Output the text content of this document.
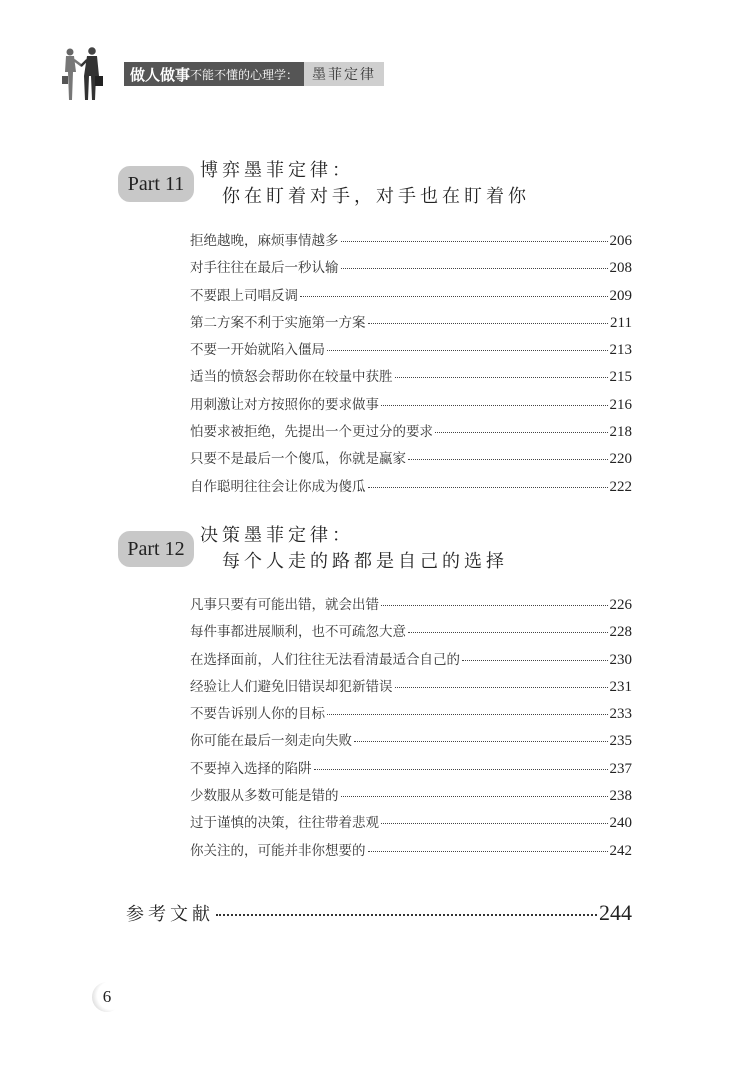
做人做事 不能不懂的心理学：	墨菲定律
Part 11
博弈墨菲定律：
你在盯着对手，对手也在盯着你
拒绝越晚，麻烦事情越多	206
对手往往在最后一秒认输	208
不要跟上司唱反调	209
第二方案不利于实施第一方案	211
不要一开始就陷入僵局	213
适当的愤怒会帮助你在较量中获胜	215
用刺激让对方按照你的要求做事	216
怕要求被拒绝，先提出一个更过分的要求	218
只要不是最后一个傻瓜，你就是赢家	220
自作聪明往往会让你成为傻瓜	222
Part 12
决策墨菲定律：
每个人走的路都是自己的选择
凡事只要有可能出错，就会出错	226
每件事都进展顺利，也不可疏忽大意	228
在选择面前，人们往往无法看清最适合自己的	230
经验让人们避免旧错误却犯新错误	231
不要告诉别人你的目标	233
你可能在最后一刻走向失败	235
不要掉入选择的陷阱	237
少数服从多数可能是错的	238
过于谨慎的决策，往往带着悲观	240
你关注的，可能并非你想要的	242
参考文献	244
6
